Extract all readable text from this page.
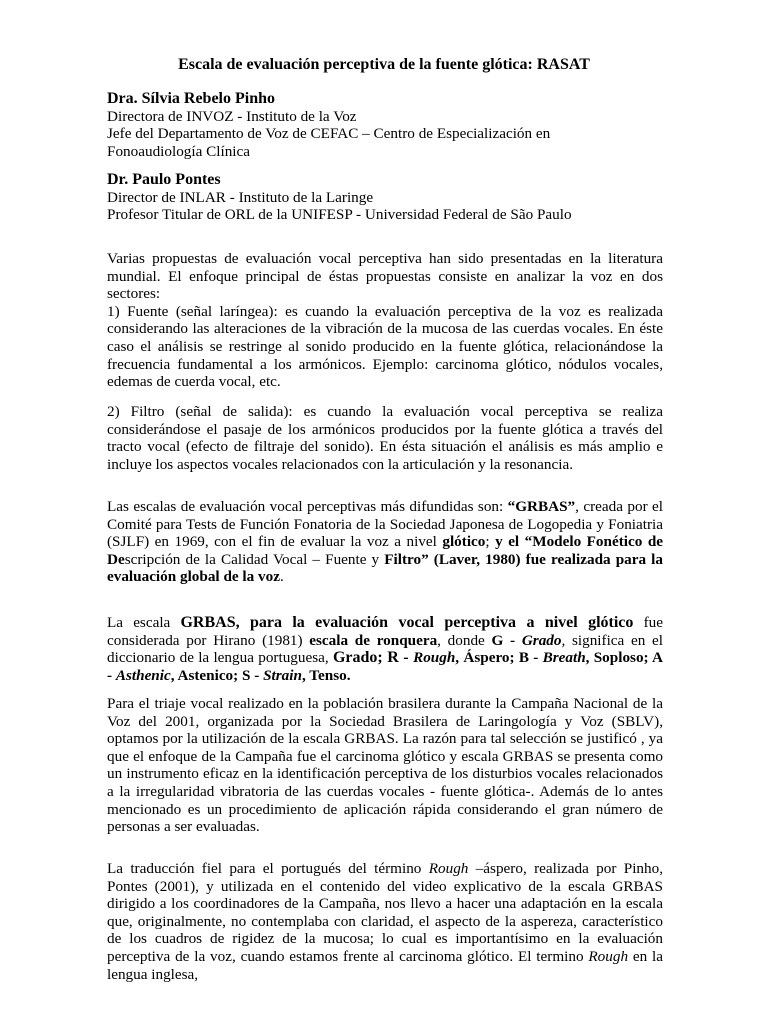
Escala de evaluación perceptiva de la fuente glótica: RASAT
Dra. Sílvia Rebelo Pinho
Directora de INVOZ - Instituto de la Voz
Jefe del Departamento de Voz de CEFAC – Centro de Especialización en
Fonoaudiología Clínica
Dr. Paulo Pontes
Director de INLAR - Instituto de la Laringe
Profesor Titular de ORL de la UNIFESP - Universidad Federal de São Paulo

Varias propuestas de evaluación vocal perceptiva han sido presentadas en la literatura mundial. El enfoque principal de éstas propuestas consiste en analizar la voz en dos sectores:

1) Fuente (señal laríngea): es cuando la evaluación perceptiva de la voz es realizada considerando las alteraciones de la vibración de la mucosa de las cuerdas vocales. En éste caso el análisis se restringe al sonido producido en la fuente glótica, relacionándose la frecuencia fundamental a los armónicos. Ejemplo: carcinoma glótico, nódulos vocales, edemas de cuerda vocal, etc.

2) Filtro (señal de salida): es cuando la evaluación vocal perceptiva se realiza considerándose el pasaje de los armónicos producidos por la fuente glótica a través del tracto vocal (efecto de filtraje del sonido). En ésta situación el análisis es más amplio e incluye los aspectos vocales relacionados con la articulación y la resonancia.

Las escalas de evaluación vocal perceptivas más difundidas son: “GRBAS”, creada por el Comité para Tests de Función Fonatoria de la Sociedad Japonesa de Logopedia y Foniatria (SJLF) en 1969, con el fin de evaluar la voz a nivel glótico; y el “Modelo Fonético de Descripción de la Calidad Vocal – Fuente y Filtro” (Laver, 1980) fue realizada para la evaluación global de la voz.

La escala GRBAS, para la evaluación vocal perceptiva a nivel glótico fue considerada por Hirano (1981) escala de ronquera, donde G - Grado, significa en el diccionario de la lengua portuguesa, Grado; R - Rough, Áspero; B - Breath, Soploso; A - Asthenic, Astenico; S - Strain, Tenso.

Para el triaje vocal realizado en la población brasilera durante la Campaña Nacional de la Voz del 2001, organizada por la Sociedad Brasilera de Laringología y Voz (SBLV), optamos por la utilización de la escala GRBAS. La razón para tal selección se justificó , ya que el enfoque de la Campaña fue el carcinoma glótico y escala GRBAS se presenta como un instrumento eficaz en la identificación perceptiva de los disturbios vocales relacionados a la irregularidad vibratoria de las cuerdas vocales - fuente glótica-. Además de lo antes mencionado es un procedimiento de aplicación rápida considerando el gran número de personas a ser evaluadas.

La traducción fiel para el portugués del término Rough –áspero, realizada por Pinho, Pontes (2001), y utilizada en el contenido del video explicativo de la escala GRBAS dirigido a los coordinadores de la Campaña, nos llevo a hacer una adaptación en la escala que, originalmente, no contemplaba con claridad, el aspecto de la aspereza, característico de los cuadros de rigidez de la mucosa; lo cual es importantísimo en la evaluación perceptiva de la voz, cuando estamos frente al carcinoma glótico. El termino Rough en la lengua inglesa,
